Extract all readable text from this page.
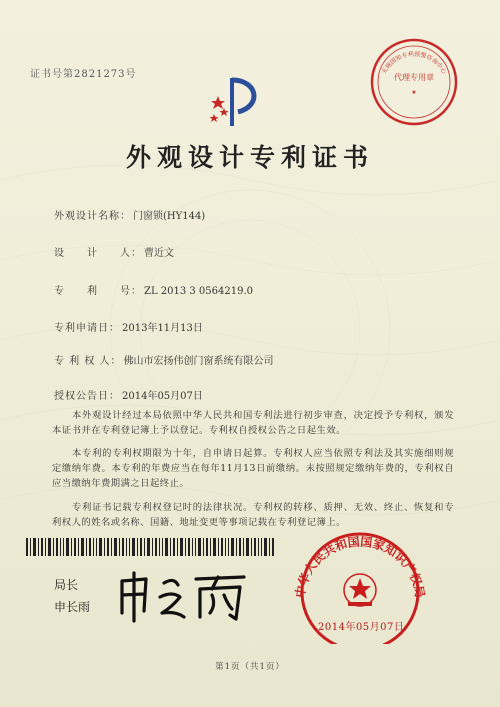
证书号第2821273号	代理专用章
★
无锡国知专利预警咨询中心
外观设计专利证书
外观设计名称： 门窗锁(HY144)
设　　计　　人： 曹近文
专　　利　　号： ZL 2013 3 0564219.0
专利申请日： 2013年11月13日
专 利 权 人： 佛山市宏扬伟创门窗系统有限公司
授权公告日： 2014年05月07日
本外观设计经过本局依照中华人民共和国专利法进行初步审查，决定授予专利权，颁发本证书并在专利登记簿上予以登记。专利权自授权公告之日起生效。
本专利的专利权期限为十年，自申请日起算。专利权人应当依照专利法及其实施细则规定缴纳年费。本专利的年费应当在每年11月13日前缴纳。未按照规定缴纳年费的，专利权自应当缴纳年费期满之日起终止。
专利证书记载专利权登记时的法律状况。专利权的转移、质押、无效、终止、恢复和专利权人的姓名或名称、国籍、地址变更等事项记载在专利登记簿上。
局长
申长雨
中华人民共和国国家知识产权局
2014年05月07日
第1页（共1页）
